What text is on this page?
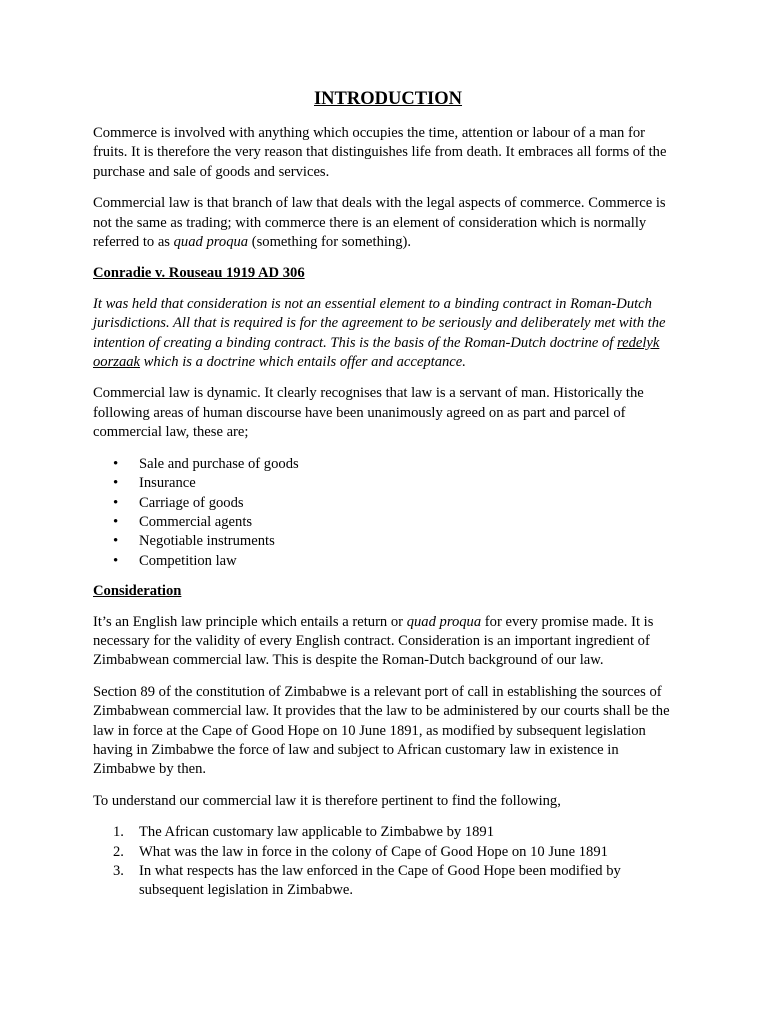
INTRODUCTION

Commerce is involved with anything which occupies the time, attention or labour of a man for fruits. It is therefore the very reason that distinguishes life from death. It embraces all forms of the purchase and sale of goods and services.

Commercial law is that branch of law that deals with the legal aspects of commerce. Commerce is not the same as trading; with commerce there is an element of consideration which is normally referred to as quad proqua (something for something).

Conradie v. Rouseau 1919 AD 306

It was held that consideration is not an essential element to a binding contract in Roman-Dutch jurisdictions. All that is required is for the agreement to be seriously and deliberately met with the intention of creating a binding contract. This is the basis of the Roman-Dutch doctrine of redelyk oorzaak which is a doctrine which entails offer and acceptance.

Commercial law is dynamic. It clearly recognises that law is a servant of man. Historically the following areas of human discourse have been unanimously agreed on as part and parcel of commercial law, these are;

• Sale and purchase of goods
• Insurance
• Carriage of goods
• Commercial agents
• Negotiable instruments
• Competition law
Consideration

It’s an English law principle which entails a return or quad proqua for every promise made. It is necessary for the validity of every English contract. Consideration is an important ingredient of Zimbabwean commercial law. This is despite the Roman-Dutch background of our law.

Section 89 of the constitution of Zimbabwe is a relevant port of call in establishing the sources of Zimbabwean commercial law. It provides that the law to be administered by our courts shall be the law in force at the Cape of Good Hope on 10 June 1891, as modified by subsequent legislation having in Zimbabwe the force of law and subject to African customary law in existence in Zimbabwe by then.

To understand our commercial law it is therefore pertinent to find the following,

1. The African customary law applicable to Zimbabwe by 1891
2. What was the law in force in the colony of Cape of Good Hope on 10 June 1891
3. In what respects has the law enforced in the Cape of Good Hope been modified by subsequent legislation in Zimbabwe.
